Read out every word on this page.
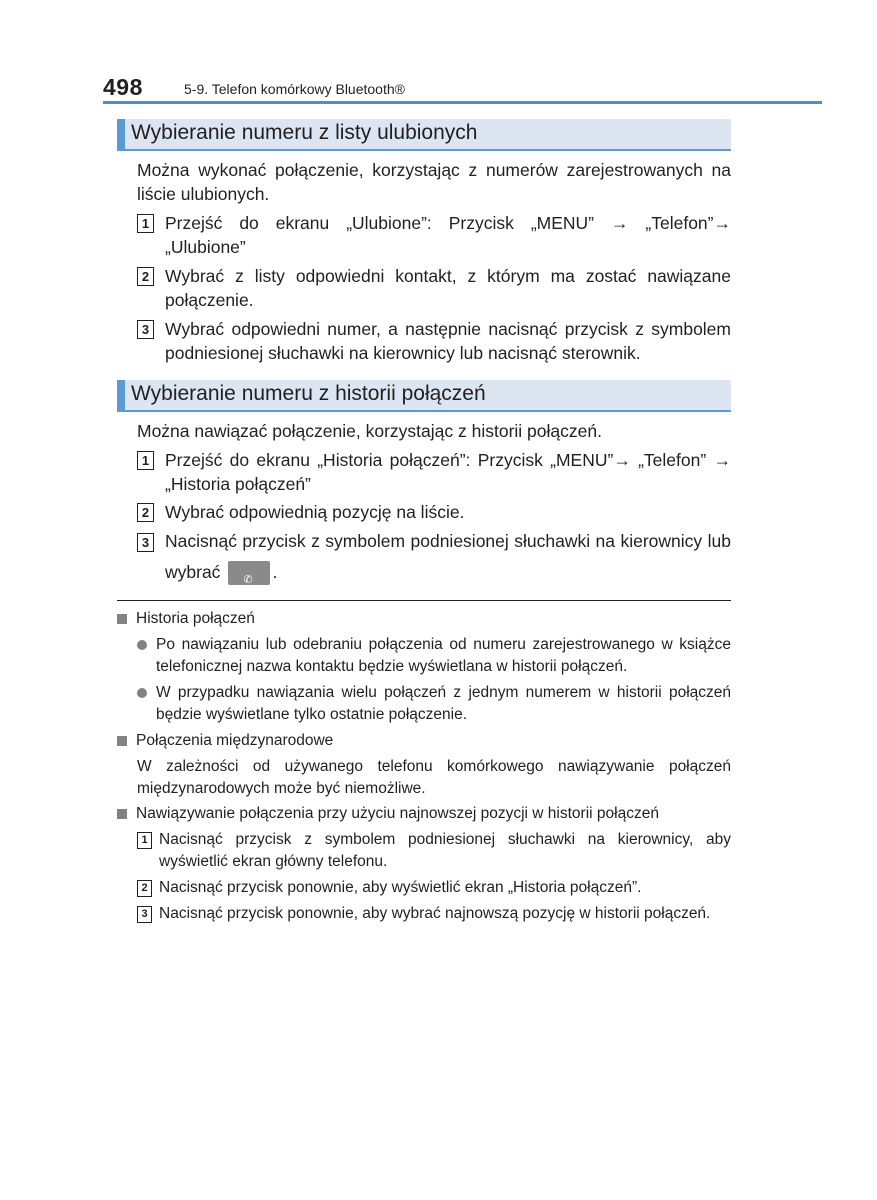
498	5-9. Telefon komórkowy Bluetooth®
Wybieranie numeru z listy ulubionych
Można wykonać połączenie, korzystając z numerów zarejestrowanych na liście ulubionych.
1 Przejść do ekranu „Ulubione”: Przycisk „MENU” → „Telefon”→ „Ulubione”
2 Wybrać z listy odpowiedni kontakt, z którym ma zostać nawiązane połączenie.
3 Wybrać odpowiedni numer, a następnie nacisnąć przycisk z symbolem podniesionej słuchawki na kierownicy lub nacisnąć sterownik.
Wybieranie numeru z historii połączeń
Można nawiązać połączenie, korzystając z historii połączeń.
1 Przejść do ekranu „Historia połączeń”: Przycisk „MENU”→ „Telefon” → „Historia połączeń”
2 Wybrać odpowiednią pozycję na liście.
3 Nacisnąć przycisk z symbolem podniesionej słuchawki na kierownicy lub wybrać ✆ .
Historia połączeń
Po nawiązaniu lub odebraniu połączenia od numeru zarejestrowanego w książce telefonicznej nazwa kontaktu będzie wyświetlana w historii połączeń.
W przypadku nawiązania wielu połączeń z jednym numerem w historii połączeń będzie wyświetlane tylko ostatnie połączenie.
Połączenia międzynarodowe
W zależności od używanego telefonu komórkowego nawiązywanie połączeń międzynarodowych może być niemożliwe.
Nawiązywanie połączenia przy użyciu najnowszej pozycji w historii połączeń
1 Nacisnąć przycisk z symbolem podniesionej słuchawki na kierownicy, aby wyświetlić ekran główny telefonu.
2 Nacisnąć przycisk ponownie, aby wyświetlić ekran „Historia połączeń”.
3 Nacisnąć przycisk ponownie, aby wybrać najnowszą pozycję w historii połączeń.
